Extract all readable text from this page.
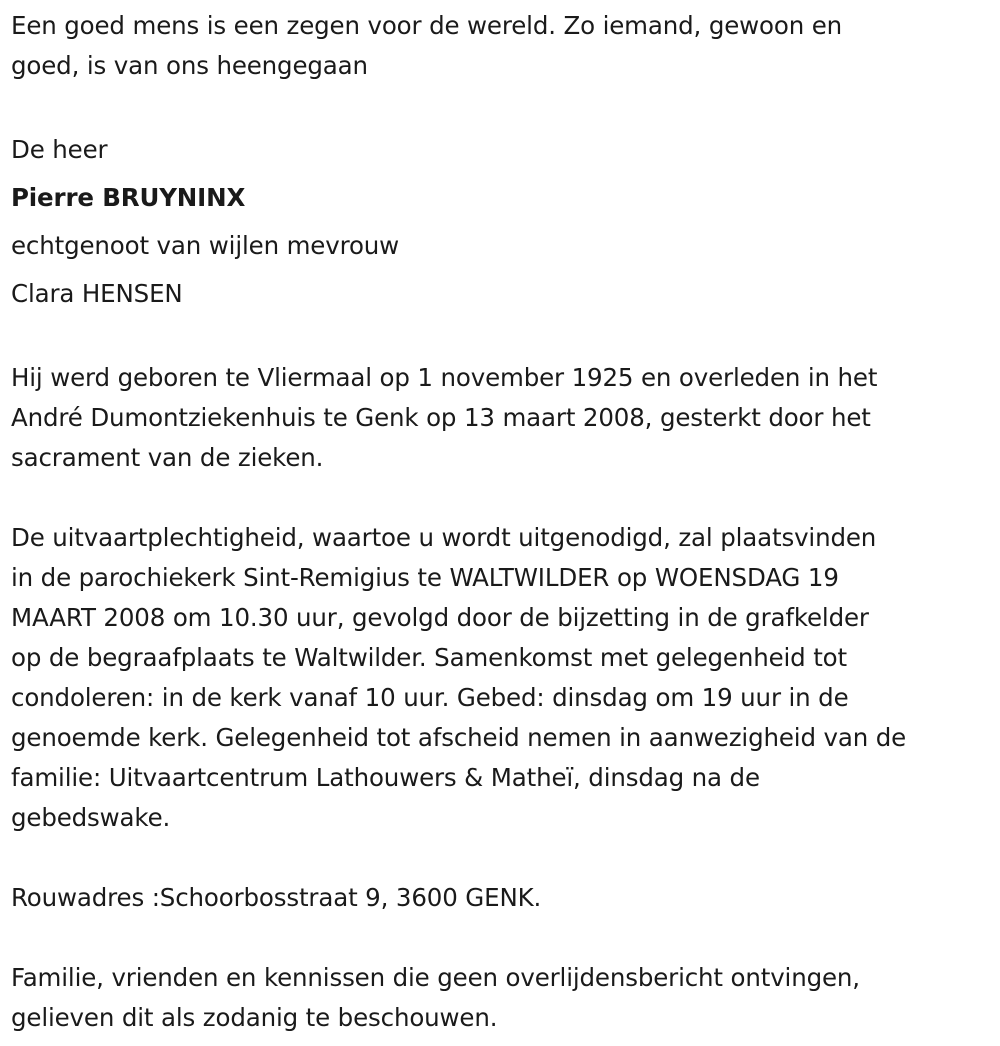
Een goed mens is een zegen voor de wereld. Zo iemand, gewoon en

goed, is van ons heengegaan

De heer

Pierre BRUYNINX

echtgenoot van wijlen mevrouw

Clara HENSEN

Hij werd geboren te Vliermaal op 1 november 1925 en overleden in het

André Dumontziekenhuis te Genk op 13 maart 2008, gesterkt door het

sacrament van de zieken.

De uitvaartplechtigheid, waartoe u wordt uitgenodigd, zal plaatsvinden

in de parochiekerk Sint-Remigius te WALTWILDER op WOENSDAG 19

MAART 2008 om 10.30 uur, gevolgd door de bijzetting in de grafkelder

op de begraafplaats te Waltwilder. Samenkomst met gelegenheid tot

condoleren: in de kerk vanaf 10 uur. Gebed: dinsdag om 19 uur in de

genoemde kerk. Gelegenheid tot afscheid nemen in aanwezigheid van de

familie: Uitvaartcentrum Lathouwers & Matheï, dinsdag na de

gebedswake.

Rouwadres :Schoorbosstraat 9, 3600 GENK.

Familie, vrienden en kennissen die geen overlijdensbericht ontvingen,

gelieven dit als zodanig te beschouwen.
